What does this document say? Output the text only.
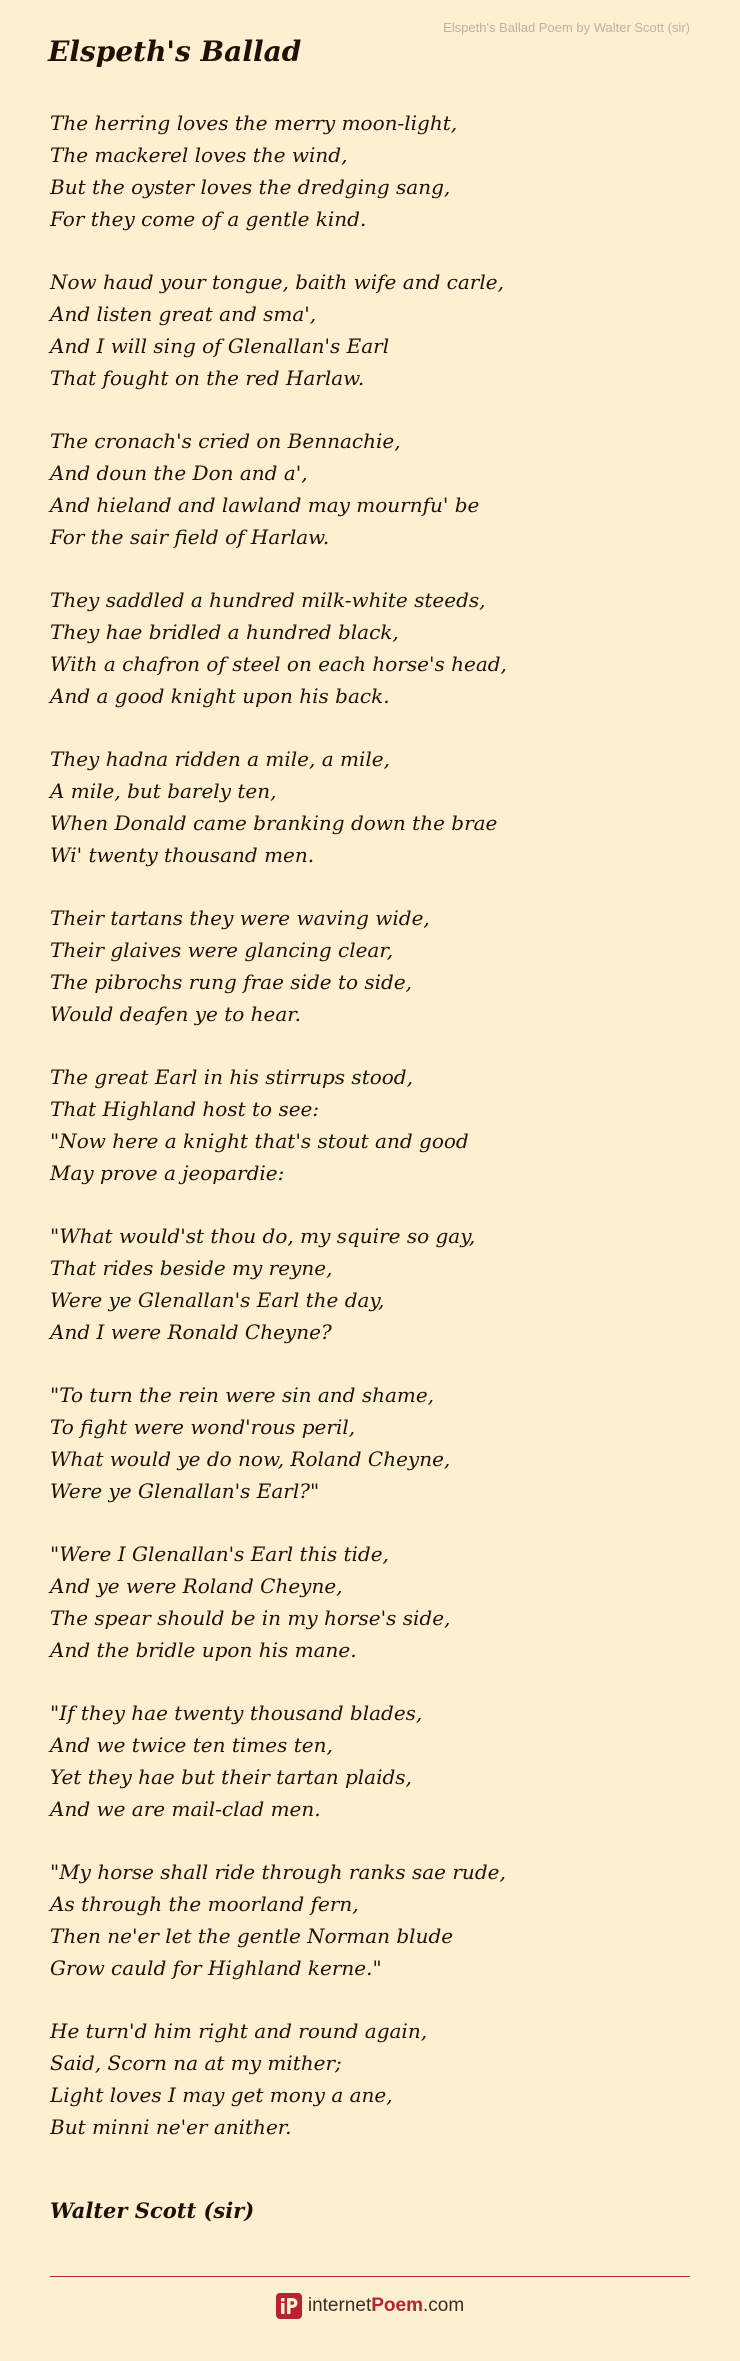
Elspeth's Ballad Poem by Walter Scott (sir)
Elspeth's Ballad
The herring loves the merry moon-light,
The mackerel loves the wind,
But the oyster loves the dredging sang,
For they come of a gentle kind.
Now haud your tongue, baith wife and carle,
And listen great and sma',
And I will sing of Glenallan's Earl
That fought on the red Harlaw.
The cronach's cried on Bennachie,
And doun the Don and a',
And hieland and lawland may mournfu' be
For the sair field of Harlaw.
They saddled a hundred milk-white steeds,
They hae bridled a hundred black,
With a chafron of steel on each horse's head,
And a good knight upon his back.
They hadna ridden a mile, a mile,
A mile, but barely ten,
When Donald came branking down the brae
Wi' twenty thousand men.
Their tartans they were waving wide,
Their glaives were glancing clear,
The pibrochs rung frae side to side,
Would deafen ye to hear.
The great Earl in his stirrups stood,
That Highland host to see:
"Now here a knight that's stout and good
May prove a jeopardie:
"What would'st thou do, my squire so gay,
That rides beside my reyne,
Were ye Glenallan's Earl the day,
And I were Ronald Cheyne?
"To turn the rein were sin and shame,
To fight were wond'rous peril,
What would ye do now, Roland Cheyne,
Were ye Glenallan's Earl?"
"Were I Glenallan's Earl this tide,
And ye were Roland Cheyne,
The spear should be in my horse's side,
And the bridle upon his mane.
"If they hae twenty thousand blades,
And we twice ten times ten,
Yet they hae but their tartan plaids,
And we are mail-clad men.
"My horse shall ride through ranks sae rude,
As through the moorland fern,
Then ne'er let the gentle Norman blude
Grow cauld for Highland kerne."
He turn'd him right and round again,
Said, Scorn na at my mither;
Light loves I may get mony a ane,
But minni ne'er anither.
Walter Scott (sir)
internetPoem.com
